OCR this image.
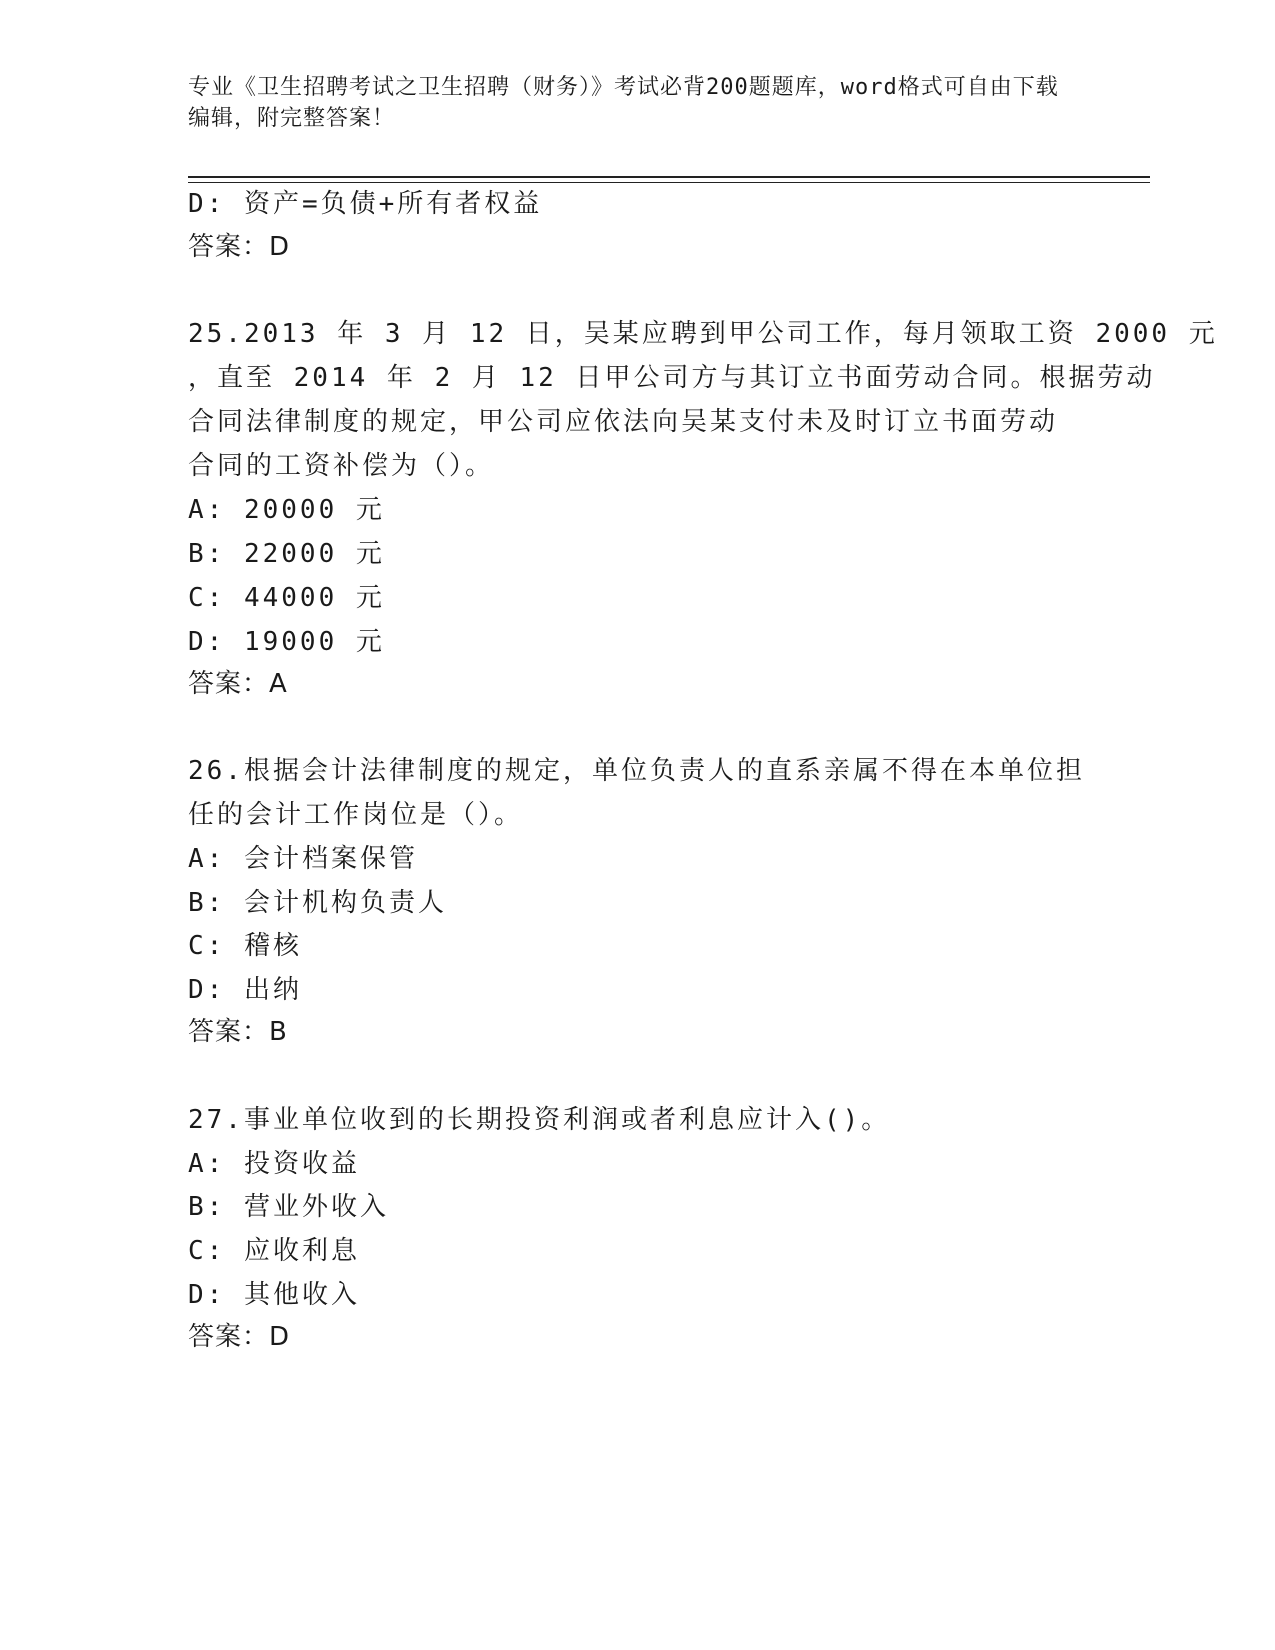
专业《卫生招聘考试之卫生招聘（财务）》考试必背200题题库，word格式可自由下载编辑，附完整答案！

D: 资产=负债+所有者权益

答案：D

25.2013 年 3 月 12 日，吴某应聘到甲公司工作，每月领取工资 2000 元

，直至 2014 年 2 月 12 日甲公司方与其订立书面劳动合同。根据劳动

合同法律制度的规定，甲公司应依法向吴某支付未及时订立书面劳动

合同的工资补偿为（）。

A: 20000 元

B: 22000 元

C: 44000 元

D: 19000 元

答案：A

26.根据会计法律制度的规定，单位负责人的直系亲属不得在本单位担

任的会计工作岗位是（）。

A: 会计档案保管

B: 会计机构负责人

C: 稽核

D: 出纳

答案：B

27.事业单位收到的长期投资利润或者利息应计入()。

A: 投资收益

B: 营业外收入

C: 应收利息

D: 其他收入

答案：D
